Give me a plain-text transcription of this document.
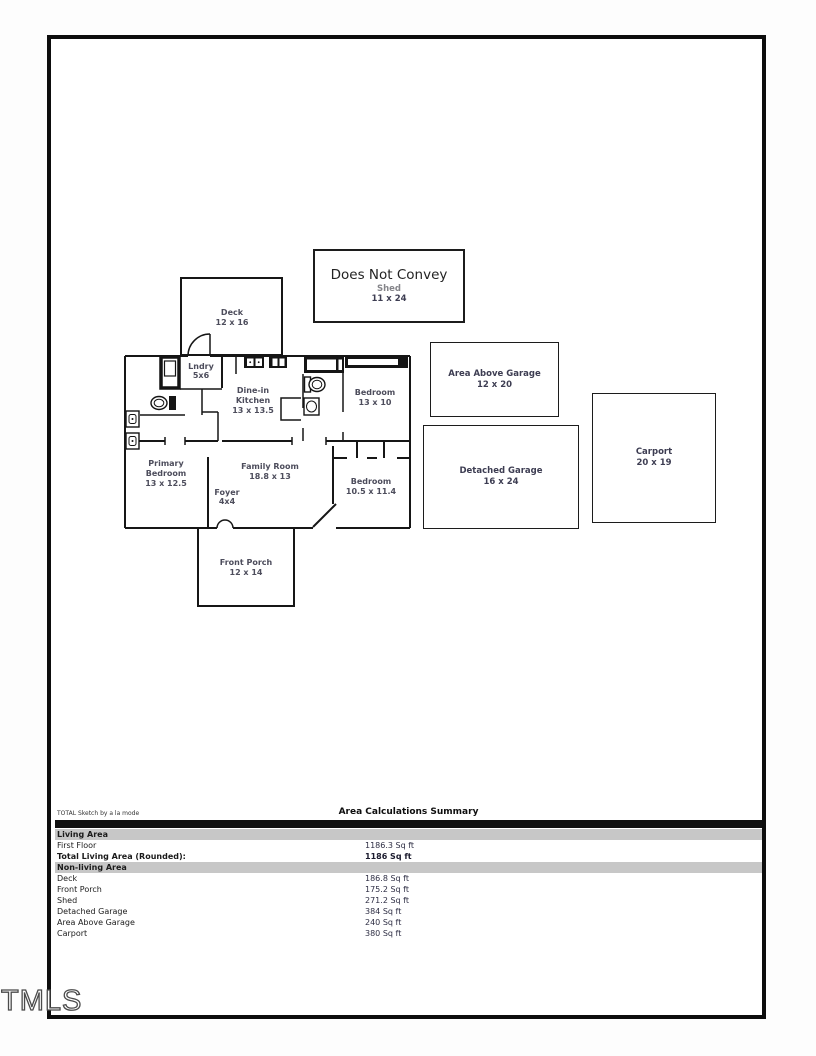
Deck
12 x 16
Lndry
5x6
Dine-in
Kitchen
13 x 13.5
Bedroom
13 x 10
Primary
Bedroom
13 x 12.5
Family Room
18.8 x 13
Foyer
4x4
Bedroom
10.5 x 11.4
Front Porch
12 x 14
Does Not Convey
Shed
11 x 24
Area Above Garage
12 x 20
Detached Garage
16 x 24
Carport
20 x 19
TOTAL Sketch by a la mode	Area Calculations Summary
Living Area
First Floor	1186.3 Sq ft
Total Living Area (Rounded):	1186 Sq ft
Non-living Area
Deck	186.8 Sq ft
Front Porch	175.2 Sq ft
Shed	271.2 Sq ft
Detached Garage	384 Sq ft
Area Above Garage	240 Sq ft
Carport	380 Sq ft
TMLS
